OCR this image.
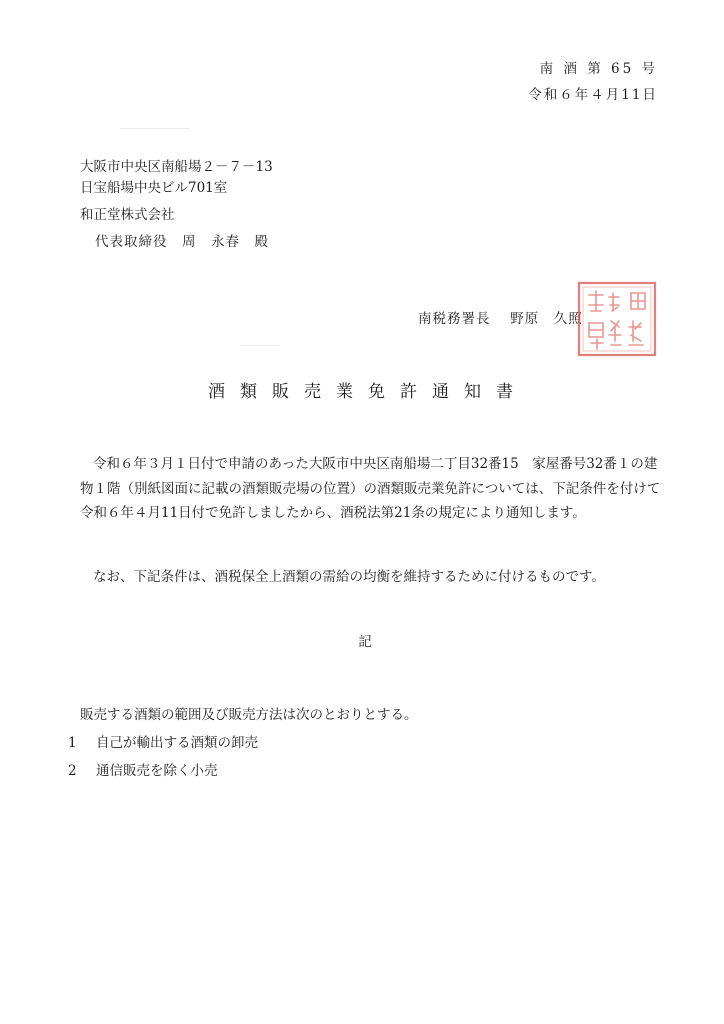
南 酒 第 65 号
令和６年４月11日
大阪市中央区南船場２－７－13
日宝船場中央ビル701室
和正堂株式会社
代表取締役　周　永春　殿
南税務署長　 野原　久照
酒類販売業免許通知書
令和６年３月１日付で申請のあった大阪市中央区南船場二丁目32番15　家屋番号32番１の建物１階（別紙図面に記載の酒類販売場の位置）の酒類販売業免許については、下記条件を付けて令和６年４月11日付で免許しましたから、酒税法第21条の規定により通知します。
なお、下記条件は、酒税保全上酒類の需給の均衡を維持するために付けるものです。
記
販売する酒類の範囲及び販売方法は次のとおりとする。
1 自己が輸出する酒類の卸売
2 通信販売を除く小売
